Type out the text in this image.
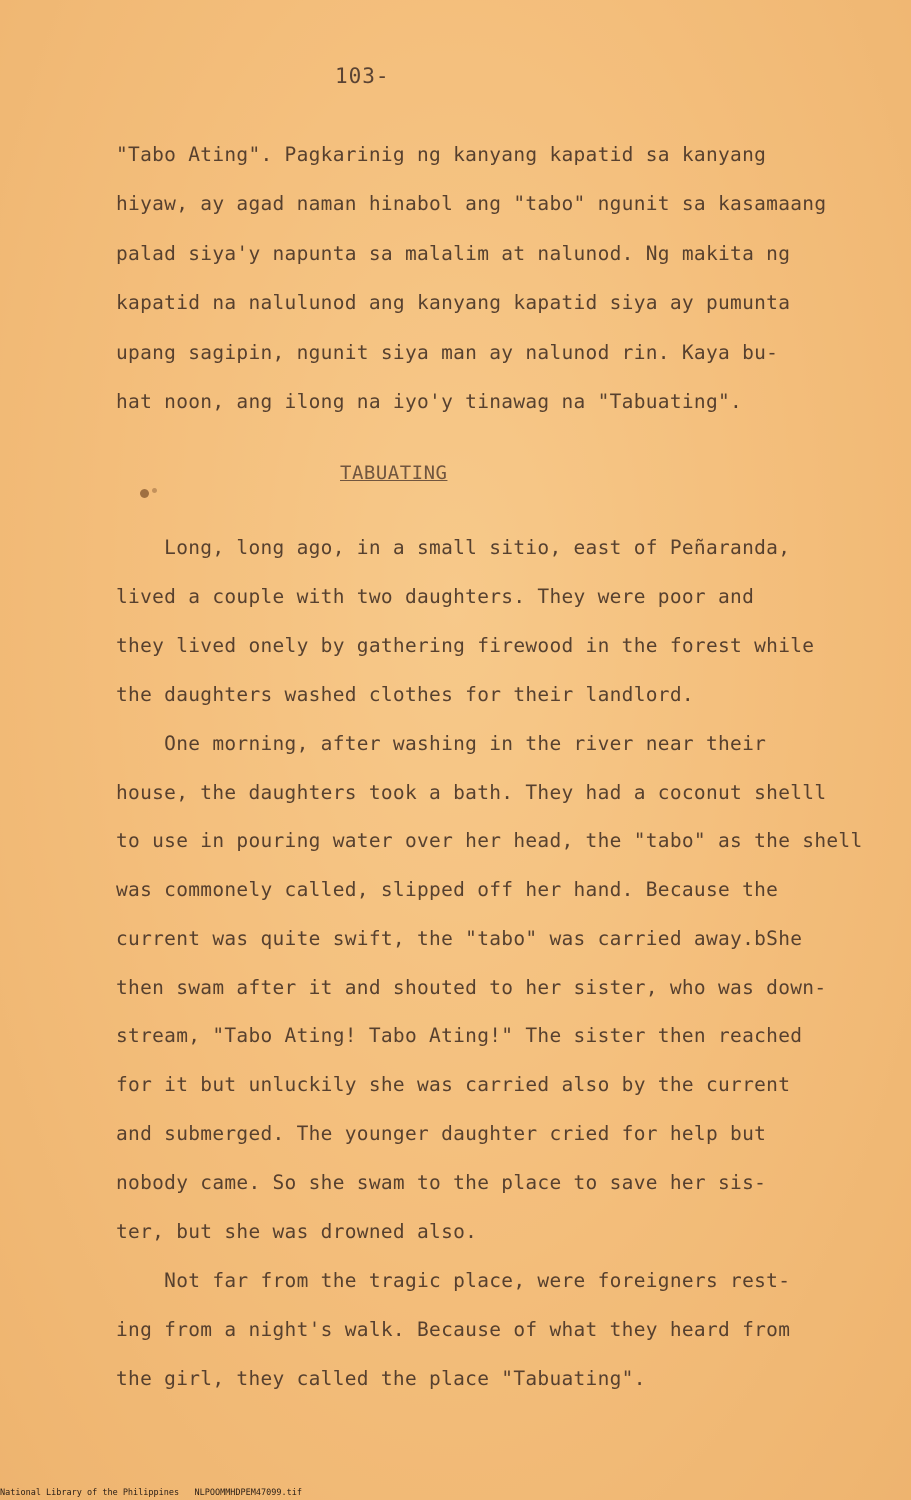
103-
"Tabo Ating". Pagkarinig ng kanyang kapatid sa kanyang
hiyaw, ay agad naman hinabol ang "tabo" ngunit sa kasamaang
palad siya'y napunta sa malalim at nalunod. Ng makita ng
kapatid na nalulunod ang kanyang kapatid siya ay pumunta
upang sagipin, ngunit siya man ay nalunod rin. Kaya bu-
hat noon, ang ilong na iyo'y tinawag na "Tabuating".
TABUATING
Long, long ago, in a small sitio, east of Peñaranda,
lived a couple with two daughters. They were poor and
they lived onely by gathering firewood in the forest while
the daughters washed clothes for their landlord.
One morning, after washing in the river near their
house, the daughters took a bath. They had a coconut shelll
to use in pouring water over her head, the "tabo" as the shell
was commonely called, slipped off her hand. Because the
current was quite swift, the "tabo" was carried away.bShe
then swam after it and shouted to her sister, who was down-
stream, "Tabo Ating! Tabo Ating!" The sister then reached
for it but unluckily she was carried also by the current
and submerged. The younger daughter cried for help but
nobody came. So she swam to the place to save her sis-
ter, but she was drowned also.
Not far from the tragic place, were foreigners rest-
ing from a night's walk. Because of what they heard from
the girl, they called the place "Tabuating".
National Library of the Philippines NLPOOMMHDPEM47099.tif
